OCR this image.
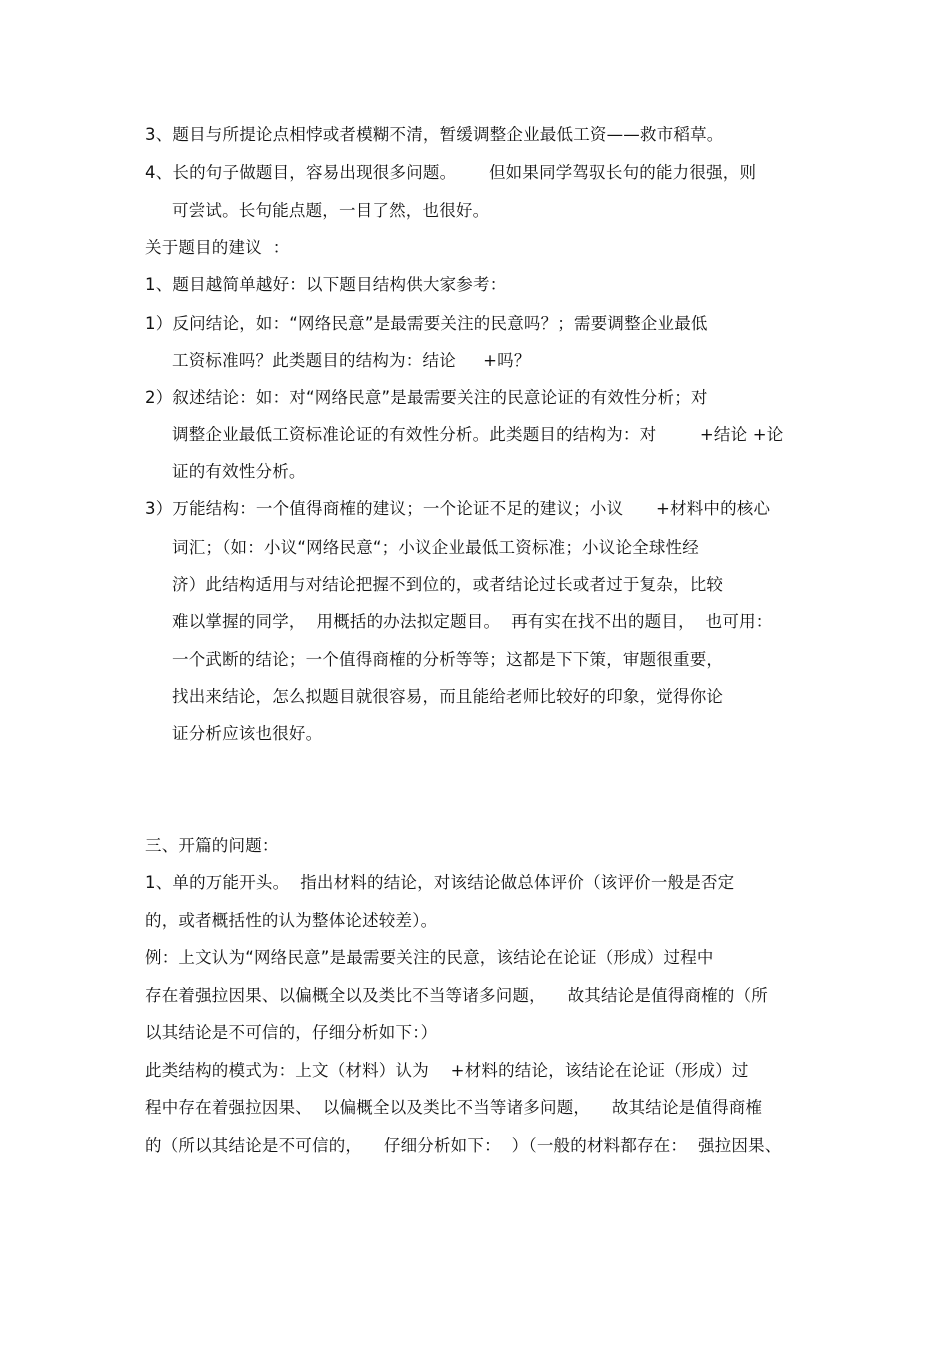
3、题目与所提论点相悖或者模糊不清，暂缓调整企业最低工资——救市稻草。
4、长的句子做题目，容易出现很多问题。      但如果同学驾驭长句的能力很强，则
可尝试。长句能点题，一目了然，也很好。
关于题目的建议  ：
1、题目越简单越好：以下题目结构供大家参考：
1）反问结论，如：“网络民意”是最需要关注的民意吗？；需要调整企业最低
工资标准吗？此类题目的结构为：结论     +吗？
2）叙述结论：如：对“网络民意”是最需要关注的民意论证的有效性分析；对
调整企业最低工资标准论证的有效性分析。此类题目的结构为：对        +结论 +论
证的有效性分析。
3）万能结构：一个值得商榷的建议；一个论证不足的建议；小议      +材料中的核心
词汇；（如：小议“网络民意“；小议企业最低工资标准；小议论全球性经
济）此结构适用与对结论把握不到位的，或者结论过长或者过于复杂，比较
难以掌握的同学，  用概括的办法拟定题目。  再有实在找不出的题目，  也可用：
一个武断的结论；一个值得商榷的分析等等；这都是下下策，审题很重要，
找出来结论，怎么拟题目就很容易，而且能给老师比较好的印象，觉得你论
证分析应该也很好。
三、开篇的问题：
1、单的万能开头。  指出材料的结论，对该结论做总体评价（该评价一般是否定
的，或者概括性的认为整体论述较差）。
例：上文认为“网络民意”是最需要关注的民意，该结论在论证（形成）过程中
存在着强拉因果、以偏概全以及类比不当等诸多问题，    故其结论是值得商榷的（所
以其结论是不可信的，仔细分析如下：）
此类结构的模式为：上文（材料）认为    +材料的结论，该结论在论证（形成）过
程中存在着强拉因果、  以偏概全以及类比不当等诸多问题，    故其结论是值得商榷
的（所以其结论是不可信的，    仔细分析如下：  ）（一般的材料都存在：  强拉因果、
